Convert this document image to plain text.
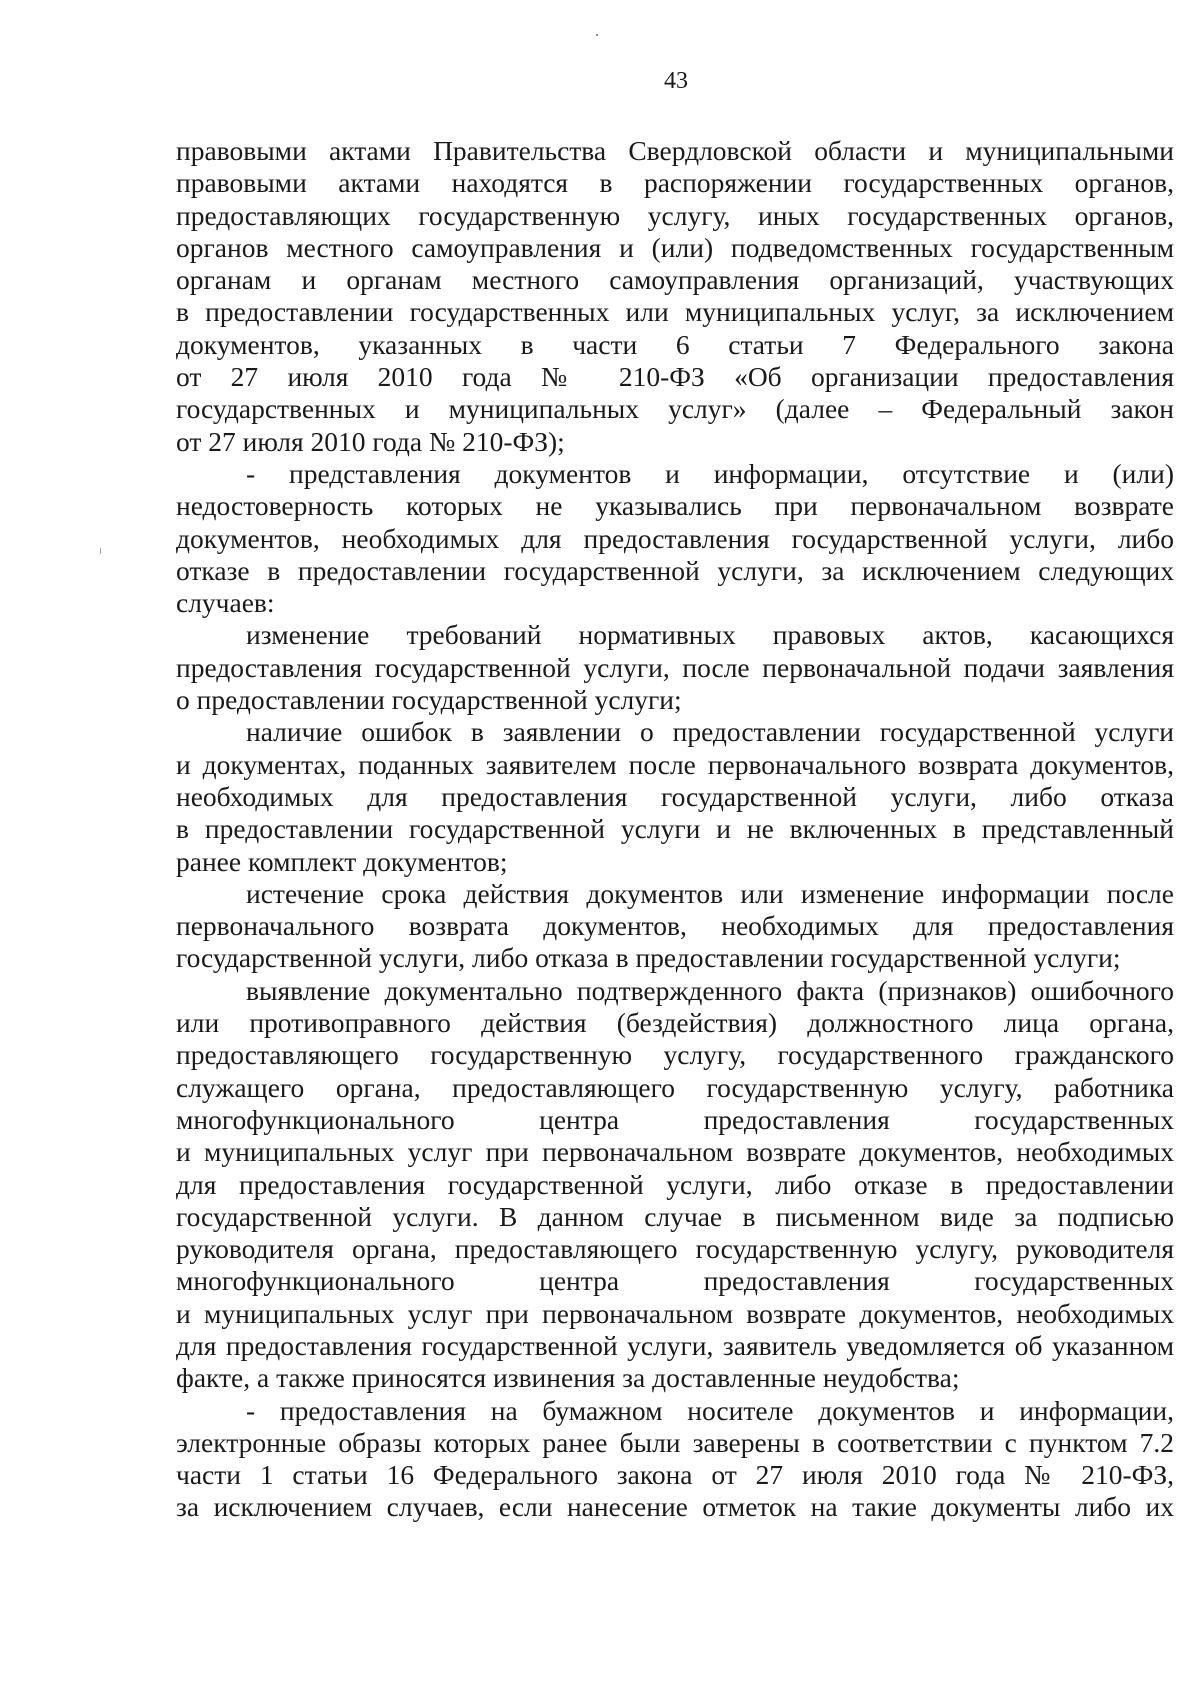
43
правовыми актами Правительства Свердловской области и муниципальными
правовыми актами находятся в распоряжении государственных органов,
предоставляющих государственную услугу, иных государственных органов,
органов местного самоуправления и (или) подведомственных государственным
органам и органам местного самоуправления организаций, участвующих
в предоставлении государственных или муниципальных услуг, за исключением
документов, указанных в части 6 статьи 7 Федерального закона
от 27 июля 2010 года № 210-ФЗ «Об организации предоставления
государственных и муниципальных услуг» (далее – Федеральный закон
от 27 июля 2010 года № 210-ФЗ);
- представления документов и информации, отсутствие и (или)
недостоверность которых не указывались при первоначальном возврате
документов, необходимых для предоставления государственной услуги, либо
отказе в предоставлении государственной услуги, за исключением следующих
случаев:
изменение требований нормативных правовых актов, касающихся
предоставления государственной услуги, после первоначальной подачи заявления
о предоставлении государственной услуги;
наличие ошибок в заявлении о предоставлении государственной услуги
и документах, поданных заявителем после первоначального возврата документов,
необходимых для предоставления государственной услуги, либо отказа
в предоставлении государственной услуги и не включенных в представленный
ранее комплект документов;
истечение срока действия документов или изменение информации после
первоначального возврата документов, необходимых для предоставления
государственной услуги, либо отказа в предоставлении государственной услуги;
выявление документально подтвержденного факта (признаков) ошибочного
или противоправного действия (бездействия) должностного лица органа,
предоставляющего государственную услугу, государственного гражданского
служащего органа, предоставляющего государственную услугу, работника
многофункционального центра предоставления государственных
и муниципальных услуг при первоначальном возврате документов, необходимых
для предоставления государственной услуги, либо отказе в предоставлении
государственной услуги. В данном случае в письменном виде за подписью
руководителя органа, предоставляющего государственную услугу, руководителя
многофункционального центра предоставления государственных
и муниципальных услуг при первоначальном возврате документов, необходимых
для предоставления государственной услуги, заявитель уведомляется об указанном
факте, а также приносятся извинения за доставленные неудобства;
- предоставления на бумажном носителе документов и информации,
электронные образы которых ранее были заверены в соответствии с пунктом 7.2
части 1 статьи 16 Федерального закона от 27 июля 2010 года № 210-ФЗ,
за исключением случаев, если нанесение отметок на такие документы либо их
